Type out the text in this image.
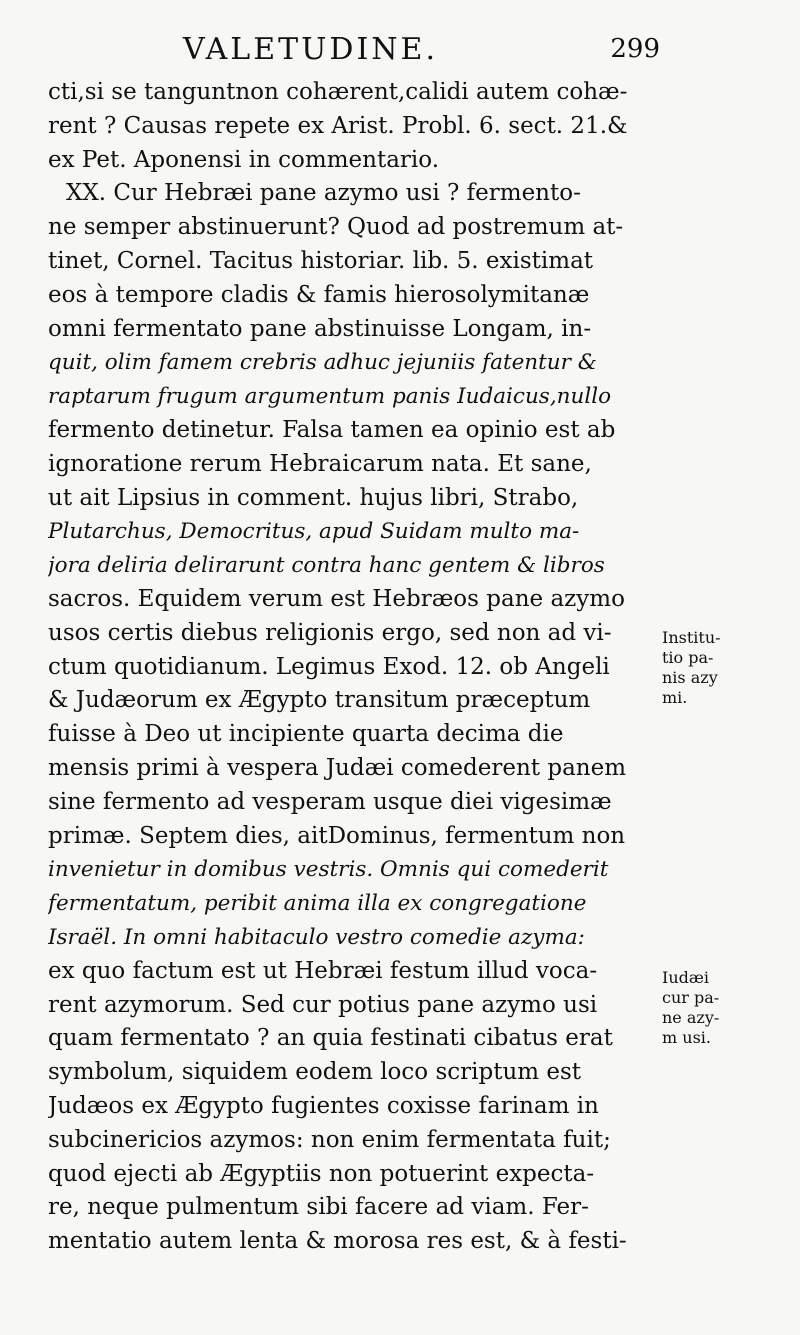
VALETUDINE.	299
cti,si se tanguntnon cohærent,calidi autem cohæ-
rent ? Causas repete ex Arist. Probl. 6. sect. 21.&
ex Pet. Aponensi in commentario.
XX. Cur Hebræi pane azymo usi ? fermento-
ne semper abstinuerunt? Quod ad postremum at-
tinet, Cornel. Tacitus historiar. lib. 5. existimat
eos à tempore cladis & famis hierosolymitanæ
omni fermentato pane abstinuisse Longam, in-
quit, olim famem crebris adhuc jejuniis fatentur &
raptarum frugum argumentum panis Iudaicus,nullo
fermento detinetur. Falsa tamen ea opinio est ab
ignoratione rerum Hebraicarum nata. Et sane,
ut ait Lipsius in comment. hujus libri, Strabo,
Plutarchus, Democritus, apud Suidam multo ma-
jora deliria delirarunt contra hanc gentem & libros
sacros. Equidem verum est Hebræos pane azymo
usos certis diebus religionis ergo, sed non ad vi-
ctum quotidianum. Legimus Exod. 12. ob Angeli
& Judæorum ex Ægypto transitum præceptum
fuisse à Deo ut incipiente quarta decima die
mensis primi à vespera Judæi comederent panem
sine fermento ad vesperam usque diei vigesimæ
primæ. Septem dies, aitDominus, fermentum non
invenietur in domibus vestris. Omnis qui comederit
fermentatum, peribit anima illa ex congregatione
Israël. In omni habitaculo vestro comedie azyma:
ex quo factum est ut Hebræi festum illud voca-
rent azymorum. Sed cur potius pane azymo usi
quam fermentato ? an quia festinati cibatus erat
symbolum, siquidem eodem loco scriptum est
Judæos ex Ægypto fugientes coxisse farinam in
subcinericios azymos: non enim fermentata fuit;
quod ejecti ab Ægyptiis non potuerint expecta-
re, neque pulmentum sibi facere ad viam. Fer-
mentatio autem lenta & morosa res est, & à festi-
Institu-
tio pa-
nis azy
mi.
Iudæi
cur pa-
ne azy-
m usi.
